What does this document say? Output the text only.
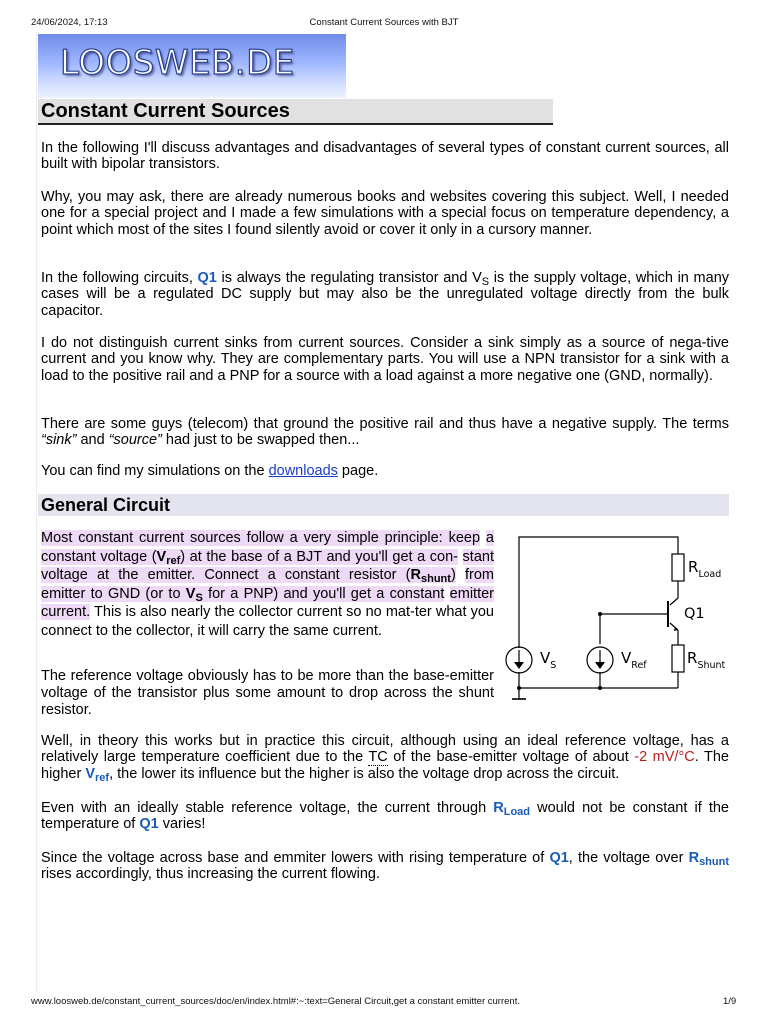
24/06/2024, 17:13	Constant Current Sources with BJT
LOOSWEB.DE
Constant Current Sources

In the following I'll discuss advantages and disadvantages of several types of constant current sources, all built with bipolar transistors.

Why, you may ask, there are already numerous books and websites covering this subject. Well, I needed one for a special project and I made a few simulations with a special focus on temperature dependency, a point which most of the sites I found silently avoid or cover it only in a cursory manner.

In the following circuits, Q1 is always the regulating transistor and $V_S$ is the supply voltage, which in many cases will be a regulated DC supply but may also be the unregulated voltage directly from the bulk capacitor.

I do not distinguish current sinks from current sources. Consider a sink simply as a source of nega-tive current and you know why. They are complementary parts. You will use a NPN transistor for a sink with a load to the positive rail and a PNP for a source with a load against a more negative one (GND, normally).

There are some guys (telecom) that ground the positive rail and thus have a negative supply. The terms “sink” and “source” had just to be swapped then...

You can find my simulations on the downloads page.

General Circuit

Most constant current sources follow a very simple principle: keep a constant voltage $(V_{ref})$ at the base of a BJT and you'll get a con- stant voltage at the emitter. Connect a constant resistor $(R_{shunt})$ from emitter to GND (or to $V_S$ for a PNP) and you'll get a constant emitter current. This is also nearly the collector current so no mat-ter what you connect to the collector, it will carry the same current.

The reference voltage obviously has to be more than the base-emitter voltage of the transistor plus some amount to drop across the shunt resistor.

Well, in theory this works but in practice this circuit, although using an ideal reference voltage, has a relatively large temperature coefficient due to the TC of the base-emitter voltage of about -2 mV/°C. The higher $V_{ref}$, the lower its influence but the higher is also the voltage drop across the circuit.

Even with an ideally stable reference voltage, the current through $R_{Load}$ would not be constant if the temperature of Q1 varies!

Since the voltage across base and emmiter lowers with rising temperature of Q1, the voltage over $R_{shunt}$ rises accordingly, thus increasing the current flowing.

$R_{Load}$
Q1
$V_S$	$V_{Ref}$	$R_{Shunt}$
www.loosweb.de/constant_current_sources/doc/en/index.html#:~:text=General Circuit,get a constant emitter current.	1/9
